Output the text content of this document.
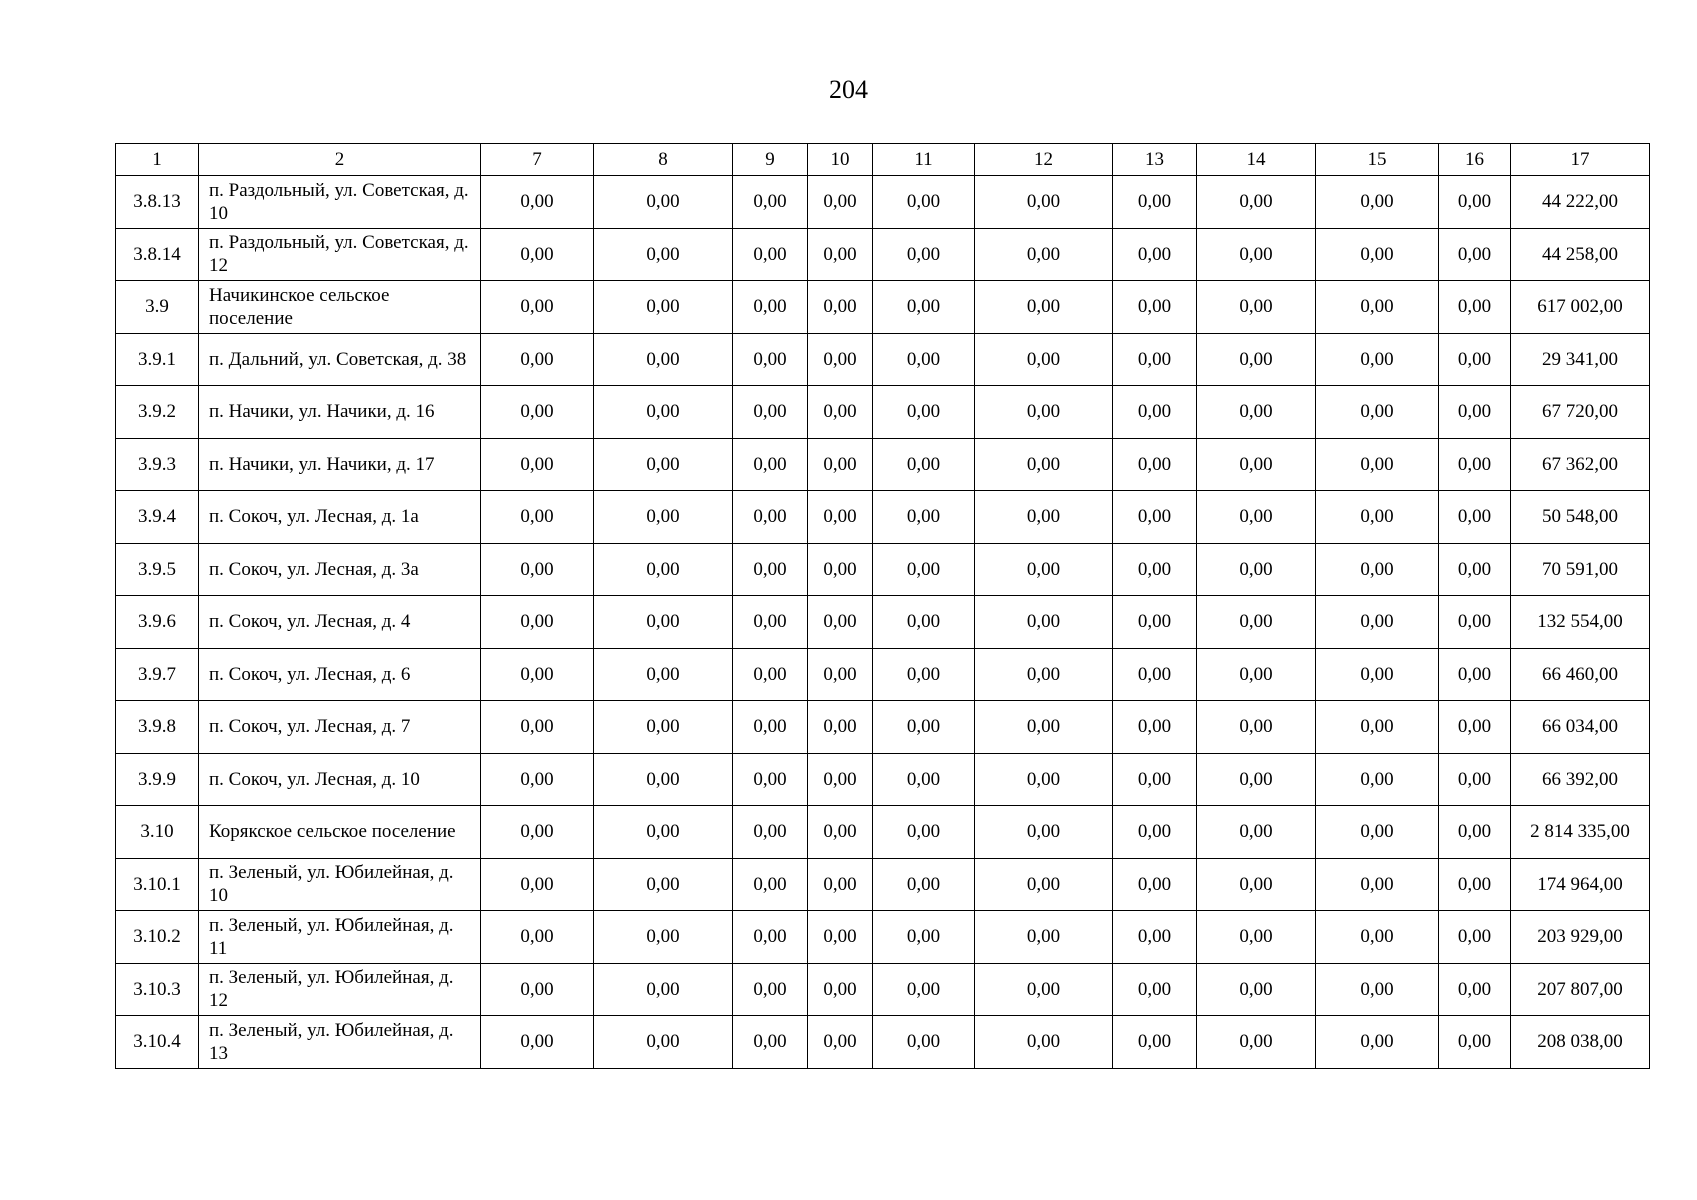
204
1	2	7	8	9	10	11	12	13	14	15	16	17
3.8.13	п. Раздольный, ул. Советская, д. 10	0,00	0,00	0,00	0,00	0,00	0,00	0,00	0,00	0,00	0,00	44 222,00
3.8.14	п. Раздольный, ул. Советская, д. 12	0,00	0,00	0,00	0,00	0,00	0,00	0,00	0,00	0,00	0,00	44 258,00
3.9	Начикинское сельское поселение	0,00	0,00	0,00	0,00	0,00	0,00	0,00	0,00	0,00	0,00	617 002,00
3.9.1	п. Дальний, ул. Советская, д. 38	0,00	0,00	0,00	0,00	0,00	0,00	0,00	0,00	0,00	0,00	29 341,00
3.9.2	п. Начики, ул. Начики, д. 16	0,00	0,00	0,00	0,00	0,00	0,00	0,00	0,00	0,00	0,00	67 720,00
3.9.3	п. Начики, ул. Начики, д. 17	0,00	0,00	0,00	0,00	0,00	0,00	0,00	0,00	0,00	0,00	67 362,00
3.9.4	п. Сокоч, ул. Лесная, д. 1а	0,00	0,00	0,00	0,00	0,00	0,00	0,00	0,00	0,00	0,00	50 548,00
3.9.5	п. Сокоч, ул. Лесная, д. 3а	0,00	0,00	0,00	0,00	0,00	0,00	0,00	0,00	0,00	0,00	70 591,00
3.9.6	п. Сокоч, ул. Лесная, д. 4	0,00	0,00	0,00	0,00	0,00	0,00	0,00	0,00	0,00	0,00	132 554,00
3.9.7	п. Сокоч, ул. Лесная, д. 6	0,00	0,00	0,00	0,00	0,00	0,00	0,00	0,00	0,00	0,00	66 460,00
3.9.8	п. Сокоч, ул. Лесная, д. 7	0,00	0,00	0,00	0,00	0,00	0,00	0,00	0,00	0,00	0,00	66 034,00
3.9.9	п. Сокоч, ул. Лесная, д. 10	0,00	0,00	0,00	0,00	0,00	0,00	0,00	0,00	0,00	0,00	66 392,00
3.10	Корякское сельское поселение	0,00	0,00	0,00	0,00	0,00	0,00	0,00	0,00	0,00	0,00	2 814 335,00
3.10.1	п. Зеленый, ул. Юбилейная, д. 10	0,00	0,00	0,00	0,00	0,00	0,00	0,00	0,00	0,00	0,00	174 964,00
3.10.2	п. Зеленый, ул. Юбилейная, д. 11	0,00	0,00	0,00	0,00	0,00	0,00	0,00	0,00	0,00	0,00	203 929,00
3.10.3	п. Зеленый, ул. Юбилейная, д. 12	0,00	0,00	0,00	0,00	0,00	0,00	0,00	0,00	0,00	0,00	207 807,00
3.10.4	п. Зеленый, ул. Юбилейная, д. 13	0,00	0,00	0,00	0,00	0,00	0,00	0,00	0,00	0,00	0,00	208 038,00
